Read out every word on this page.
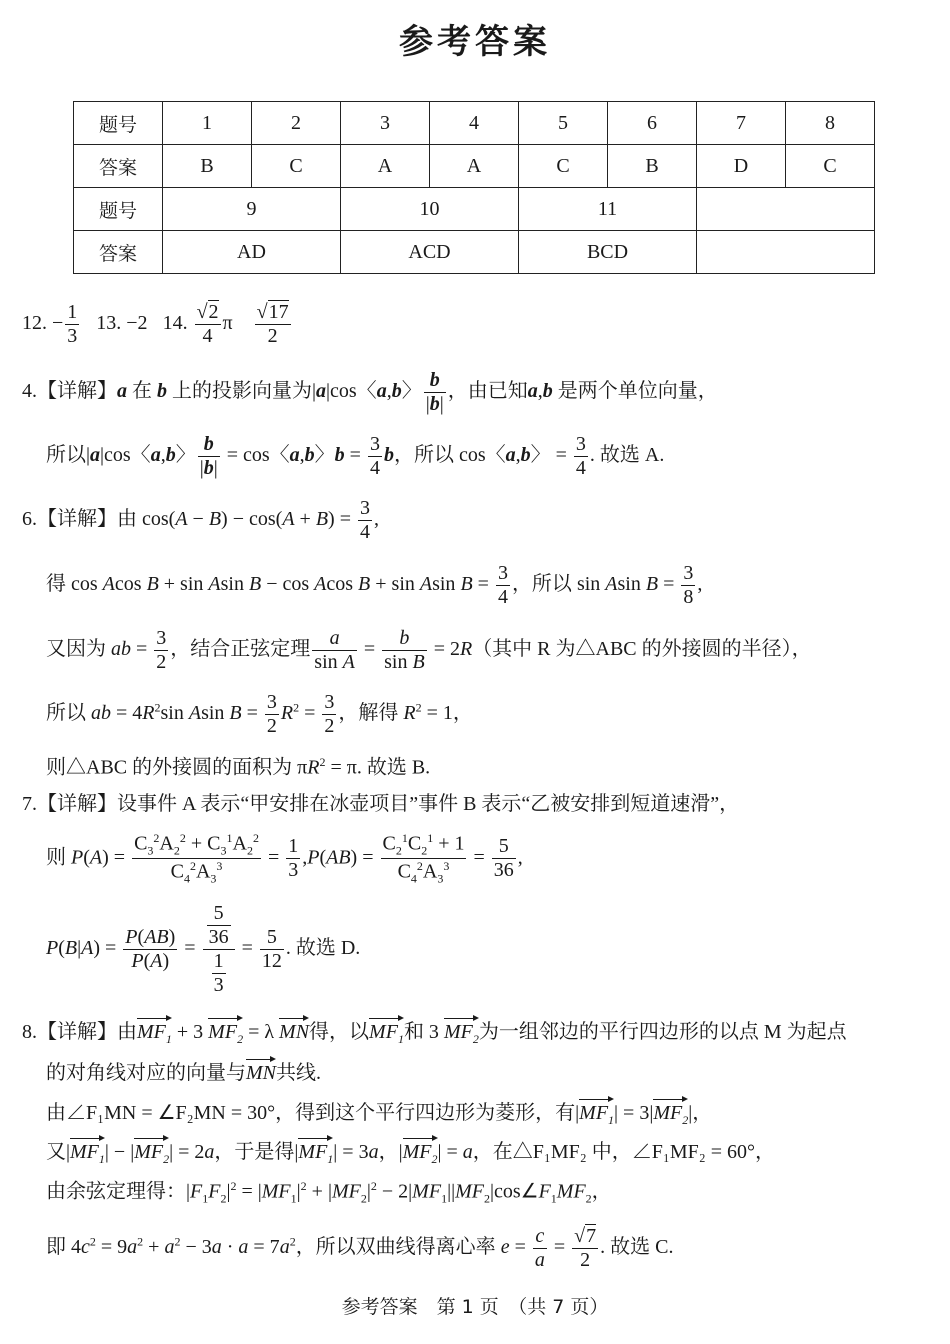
参考答案
题号	1	2	3	4	5	6	7	8
答案	B	C	A	A	C	B	D	C
题号	9		10		11			
答案	AD		ACD		BCD			
12. − $\frac{1}{3} 13$. −2 14. $\frac{√2}{4}$ π $\frac{√17}{2}$
4.【详解】a 在 b 上的投影向量为|a|cos〈a,b〉 $\frac{b}{|b|}$ ，由已知a,b 是两个单位向量，
所以|a|cos〈a,b〉 $\frac{b}{|b|} = \cos$〈a,b〉$b = \frac{3}{4}$ b，所以 cos〈a,b〉 = $\frac{3}{4}$ . 故选 A.
6.【详解】由 $\cos(A - B) - \cos(A + B) = \frac{3}{4}$ ,
得 cos Acos B + sin Asin B − cos Acos B + sin Asin $B = \frac{3}{4}$ ，所以 sin Asin $B = \frac{3}{8}$ ,
又因为 ab = $\frac{3}{2}$ ，结合正弦定理 $\frac{a}{\text{sin A}} = \frac{b}{\text{sin B}} = 2R$（其中 R 为△ABC 的外接圆的半径），
所以 ab = $4R^2\sin$ Asin $B = \frac{3}{2} R^2 = \frac{3}{2}$ ，解得 $R^2 = 1$，
则△ABC 的外接圆的面积为 $\pi R^2 = \pi$. 故选 B.
7.【详解】设事件 A 表示“甲安排在冰壶项目”事件 B 表示“乙被安排到短道速滑”，
则 $P(A) = \frac{C_3^2A_2^2 + C_3^1A_2^2}{C_4^2A_3^3} = \frac{1}{3} ,P(AB) = \frac{C_2^1C_2^1 + 1}{C_4^2A_3^3} = \frac{5}{36}$ ,
$P(B|A) = \frac{P(AB)}{P(A)} = \frac{\frac{5}{36}}{\frac{1}{3}} = \frac{5}{12}$ . 故选 D.
8.【详解】由$MF_1 + 3$ $MF_2 = \lambda$ MN得，以$MF_1$和 3 $MF_2$为一组邻边的平行四边形的以点 M 为起点
的对角线对应的向量与MN共线.
由∠F₁MN = ∠F₂MN = 30°，得到这个平行四边形为菱形，有$|MF_1| = 3|MF_2|$，
又$|MF_1| - |MF_2| = 2a$，于是得$|MF_1| = 3a$，$|MF_2| = a$，在△F₁MF₂ 中，∠F₁MF₂ = 60°，
由余弦定理得：$|F_1F_2|^2 = |MF_1|^2 + |MF_2|^2$ − $2|MF_1||MF_2|\cos\angle F_1MF_2$，
即 $4c^2 = 9a^2 + a^2 - 3a \cdot a = 7a^2$，所以双曲线得离心率 $e = \frac{c}{a} = \frac{√7}{2}$ . 故选 C.
参考答案　第 1 页　（共 7 页）
